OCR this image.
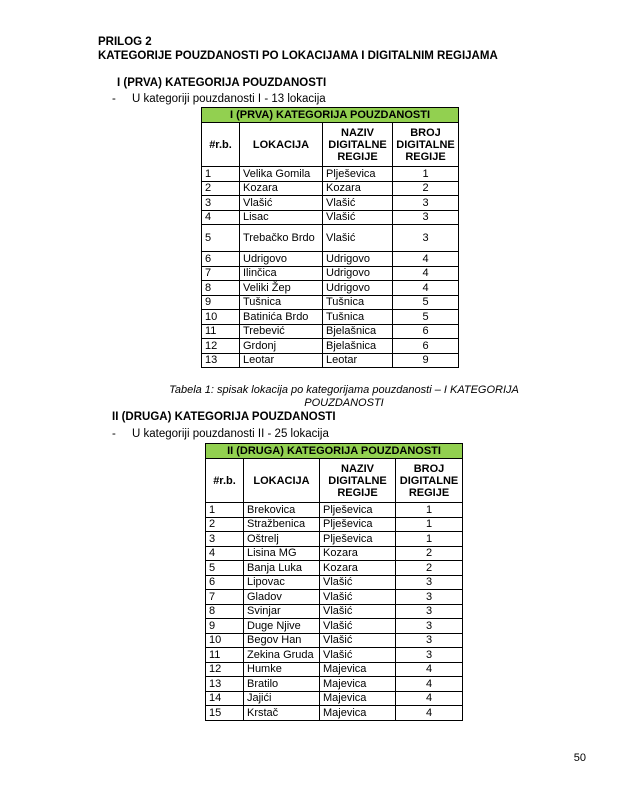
PRILOG 2
KATEGORIJE POUZDANOSTI PO LOKACIJAMA I DIGITALNIM REGIJAMA
I (PRVA) KATEGORIJA POUZDANOSTI
- U kategoriji pouzdanosti I - 13 lokacija
I (PRVA) KATEGORIJA POUZDANOSTI			
#r.b.	LOKACIJA	NAZIV DIGITALNE REGIJE	BROJ DIGITALNE REGIJE
1	Velika Gomila	Plješevica	1
2	Kozara	Kozara	2
3	Vlašić	Vlašić	3
4	Lisac	Vlašić	3
5	Trebačko Brdo	Vlašić	3
6	Udrigovo	Udrigovo	4
7	Ilinčica	Udrigovo	4
8	Veliki Žep	Udrigovo	4
9	Tušnica	Tušnica	5
10	Batinića Brdo	Tušnica	5
11	Trebević	Bjelašnica	6
12	Grdonj	Bjelašnica	6
13	Leotar	Leotar	9
Tabela 1: spisak lokacija po kategorijama pouzdanosti – I KATEGORIJA POUZDANOSTI
II (DRUGA) KATEGORIJA POUZDANOSTI
- U kategoriji pouzdanosti II - 25 lokacija
II (DRUGA) KATEGORIJA POUZDANOSTI			
#r.b.	LOKACIJA	NAZIV DIGITALNE REGIJE	BROJ DIGITALNE REGIJE
1	Brekovica	Plješevica	1
2	Stražbenica	Plješevica	1
3	Oštrelj	Plješevica	1
4	Lisina MG	Kozara	2
5	Banja Luka	Kozara	2
6	Lipovac	Vlašić	3
7	Gladov	Vlašić	3
8	Svinjar	Vlašić	3
9	Duge Njive	Vlašić	3
10	Begov Han	Vlašić	3
11	Zekina Gruda	Vlašić	3
12	Humke	Majevica	4
13	Bratilo	Majevica	4
14	Jajići	Majevica	4
15	Krstač	Majevica	4
50
